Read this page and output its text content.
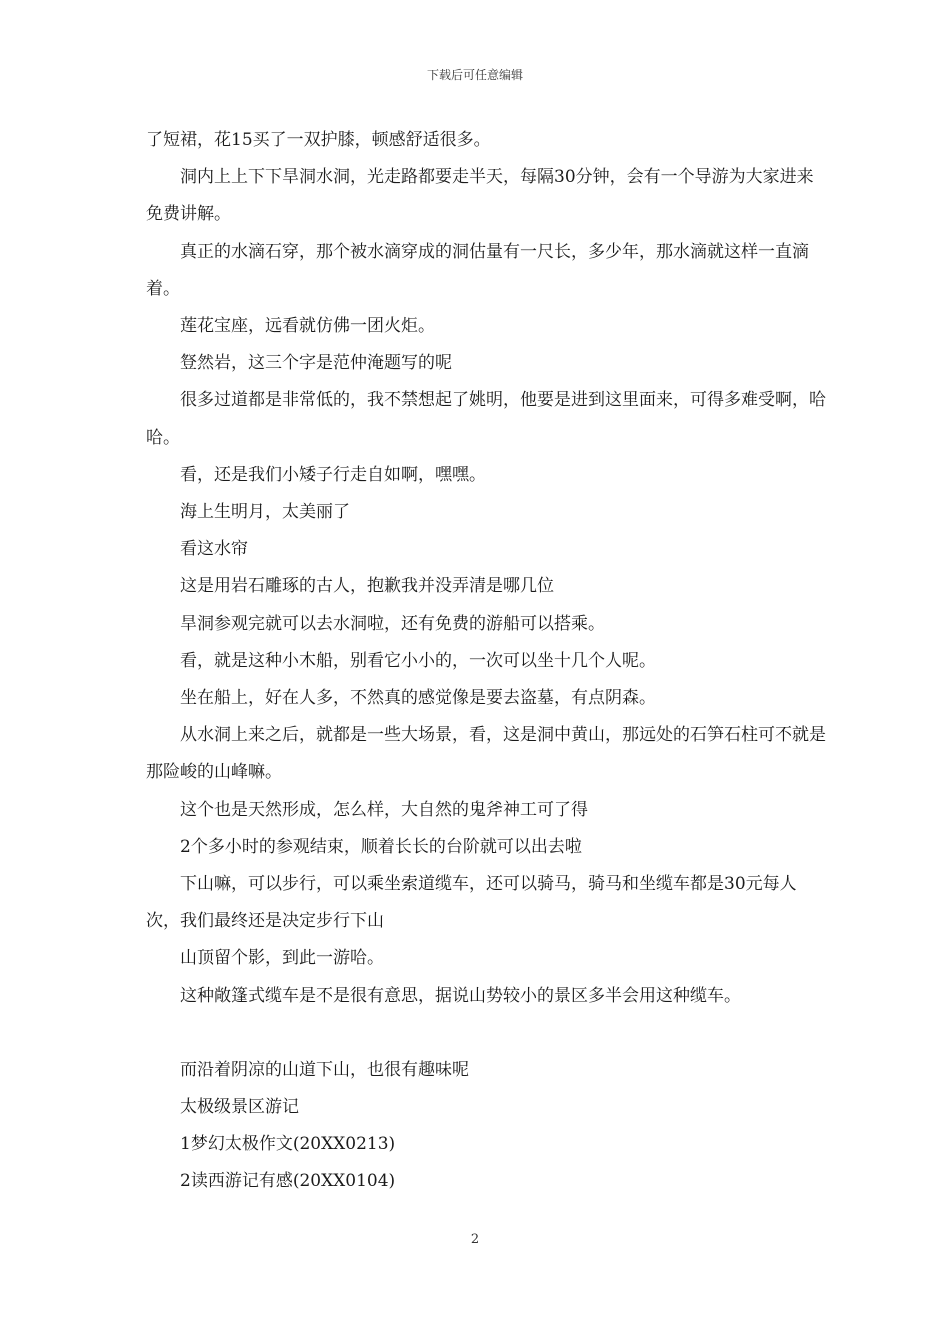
下载后可任意编辑

了短裙，花15买了一双护膝，顿感舒适很多。

洞内上上下下旱洞水洞，光走路都要走半天，每隔30分钟，会有一个导游为大家进来免费讲解。

真正的水滴石穿，那个被水滴穿成的洞估量有一尺长，多少年，那水滴就这样一直滴着。

莲花宝座，远看就仿佛一团火炬。

豋然岩，这三个字是范仲淹题写的呢

很多过道都是非常低的，我不禁想起了姚明，他要是进到这里面来，可得多难受啊，哈哈。

看，还是我们小矮子行走自如啊，嘿嘿。

海上生明月，太美丽了

看这水帘

这是用岩石雕琢的古人，抱歉我并没弄清是哪几位

旱洞参观完就可以去水洞啦，还有免费的游船可以搭乘。

看，就是这种小木船，别看它小小的，一次可以坐十几个人呢。

坐在船上，好在人多，不然真的感觉像是要去盗墓，有点阴森。

从水洞上来之后，就都是一些大场景，看，这是洞中黄山，那远处的石笋石柱可不就是那险峻的山峰嘛。

这个也是天然形成，怎么样，大自然的鬼斧神工可了得

2个多小时的参观结束，顺着长长的台阶就可以出去啦

下山嘛，可以步行，可以乘坐索道缆车，还可以骑马，骑马和坐缆车都是30元每人次，我们最终还是决定步行下山

山顶留个影，到此一游哈。

这种敞篷式缆车是不是很有意思，据说山势较小的景区多半会用这种缆车。

而沿着阴凉的山道下山，也很有趣味呢

太极级景区游记

1梦幻太极作文(20XX0213)

2读西游记有感(20XX0104)

2
